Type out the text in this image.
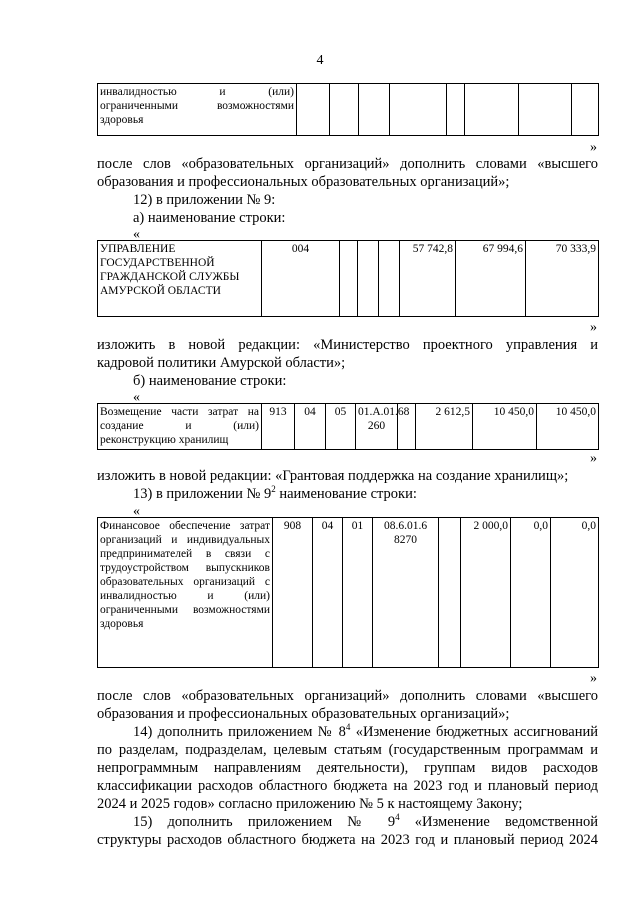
4
инвалидностью и (или) ограниченными возможностями здоровья								
»
после слов «образовательных организаций» дополнить словами «высшего
образования и профессиональных образовательных организаций»;
12) в приложении № 9:
а) наименование строки:
«
УПРАВЛЕНИЕ ГОСУДАРСТВЕННОЙ ГРАЖДАНСКОЙ СЛУЖБЫ АМУРСКОЙ ОБЛАСТИ	004					57 742,8	67 994,6	70 333,9
»
изложить в новой редакции: «Министерство проектного управления и
кадровой политики Амурской области»;
б) наименование строки:
«
Возмещение части затрат на создание и (или) реконструкцию хранилищ	913	04	05	01.А.01.68 260		2 612,5	10 450,0	10 450,0
»
изложить в новой редакции: «Грантовая поддержка на создание хранилищ»;
13) в приложении № $9^2$ наименование строки:
«
Финансовое обеспечение затрат организаций и индивидуальных предпринимателей в связи с трудоустройством выпускников образовательных организаций с инвалидностью и (или) ограниченными возможностями здоровья	908	04	01	08.6.01.6 8270		2 000,0	0,0	0,0
»
после слов «образовательных организаций» дополнить словами «высшего
образования и профессиональных образовательных организаций»;
14) дополнить приложением № $8^4$ «Изменение бюджетных ассигнований
по разделам, подразделам, целевым статьям (государственным программам и
непрограммным направлениям деятельности), группам видов расходов
классификации расходов областного бюджета на 2023 год и плановый период
2024 и 2025 годов» согласно приложению № 5 к настоящему Закону;
15) дополнить приложением № $9^4$ «Изменение ведомственной
структуры расходов областного бюджета на 2023 год и плановый период 2024
